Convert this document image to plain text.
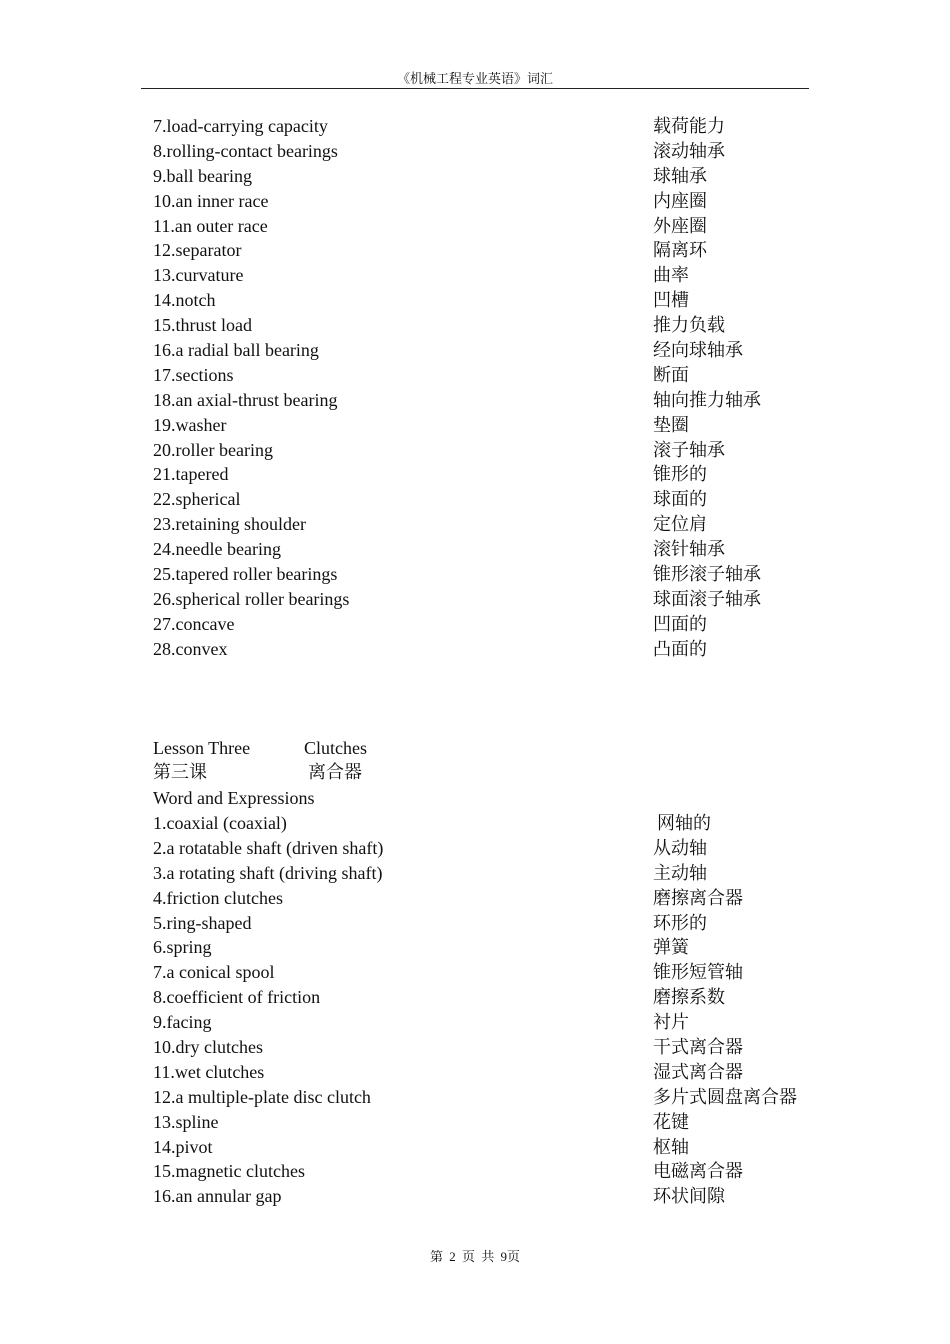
《机械工程专业英语》词汇
7.load-carrying capacity	载荷能力
8.rolling-contact bearings	滚动轴承
9.ball bearing	球轴承
10.an inner race	内座圈
11.an outer race	外座圈
12.separator	隔离环
13.curvature	曲率
14.notch	凹槽
15.thrust load	推力负载
16.a radial ball bearing	经向球轴承
17.sections	断面
18.an axial-thrust bearing	轴向推力轴承
19.washer	垫圈
20.roller bearing	滚子轴承
21.tapered	锥形的
22.spherical	球面的
23.retaining shoulder	定位肩
24.needle bearing	滚针轴承
25.tapered roller bearings	锥形滚子轴承
26.spherical roller bearings	球面滚子轴承
27.concave	凹面的
28.convex	凸面的
Lesson Three	Clutches
第三课	离合器
Word and Expressions
1.coaxial (coaxial)	网轴的
2.a rotatable shaft (driven shaft)	从动轴
3.a rotating shaft (driving shaft)	主动轴
4.friction clutches	磨擦离合器
5.ring-shaped	环形的
6.spring	弹簧
7.a conical spool	锥形短管轴
8.coefficient of friction	磨擦系数
9.facing	衬片
10.dry clutches	干式离合器
11.wet clutches	湿式离合器
12.a multiple-plate disc clutch	多片式圆盘离合器
13.spline	花键
14.pivot	枢轴
15.magnetic clutches	电磁离合器
16.an annular gap	环状间隙
第 2 页 共 9页
